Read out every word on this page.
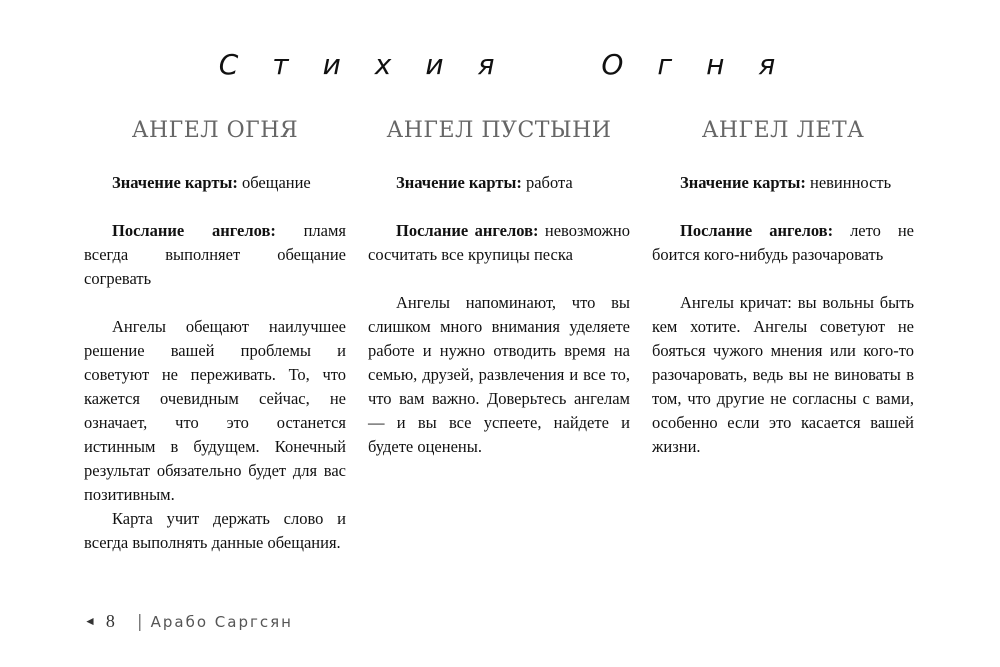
Стихия Огня
АНГЕЛ ОГНЯ

Значение карты: обещание

Послание ангелов: пламя всегда выполняет обещание согревать

Ангелы обещают наилучшее решение вашей проблемы и советуют не переживать. То, что кажется очевидным сейчас, не означает, что это останется истинным в будущем. Конечный результат обязательно будет для вас позитивным.

Карта учит держать слово и всегда выполнять данные обещания.

АНГЕЛ ПУСТЫНИ

Значение карты: работа

Послание ангелов: невозможно сосчитать все крупицы песка

Ангелы напоминают, что вы слишком много внимания уделяете работе и нужно отводить время на семью, друзей, развлечения и все то, что вам важно. Доверьтесь ангелам — и вы все успеете, найдете и будете оценены.

АНГЕЛ ЛЕТА

Значение карты: невинность

Послание ангелов: лето не боится кого-нибудь разочаровать

Ангелы кричат: вы вольны быть кем хотите. Ангелы советуют не бояться чужого мнения или кого-то разочаровать, ведь вы не виноваты в том, что другие не согласны с вами, особенно если это касается вашей жизни.

◄ 8 | Арабо Саргсян
